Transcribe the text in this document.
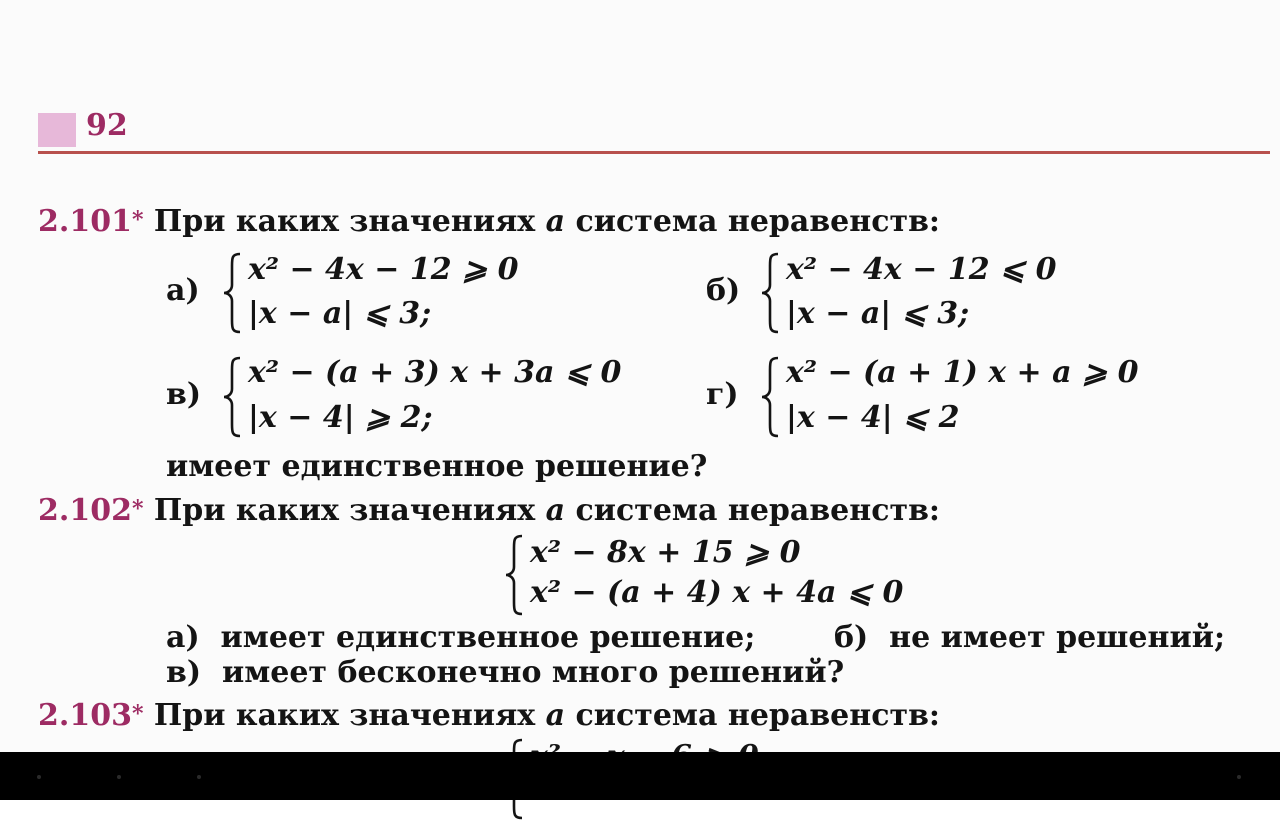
92
2.101* При каких значениях a система неравенств:
а)
x² − 4x − 12 ⩾ 0
|x − a| ⩽ 3;
б)
x² − 4x − 12 ⩽ 0
|x − a| ⩽ 3;
в)
x² − (a + 3) x + 3a ⩽ 0
|x − 4| ⩾ 2;
г)
x² − (a + 1) x + a ⩾ 0
|x − 4| ⩽ 2
имеет единственное решение?
2.102* При каких значениях a система неравенств:
x² − 8x + 15 ⩾ 0
x² − (a + 4) x + 4a ⩽ 0
а) имеет единственное решение;	б) не имеет решений;
в) имеет бесконечно много решений?
2.103* При каких значениях a система неравенств:
